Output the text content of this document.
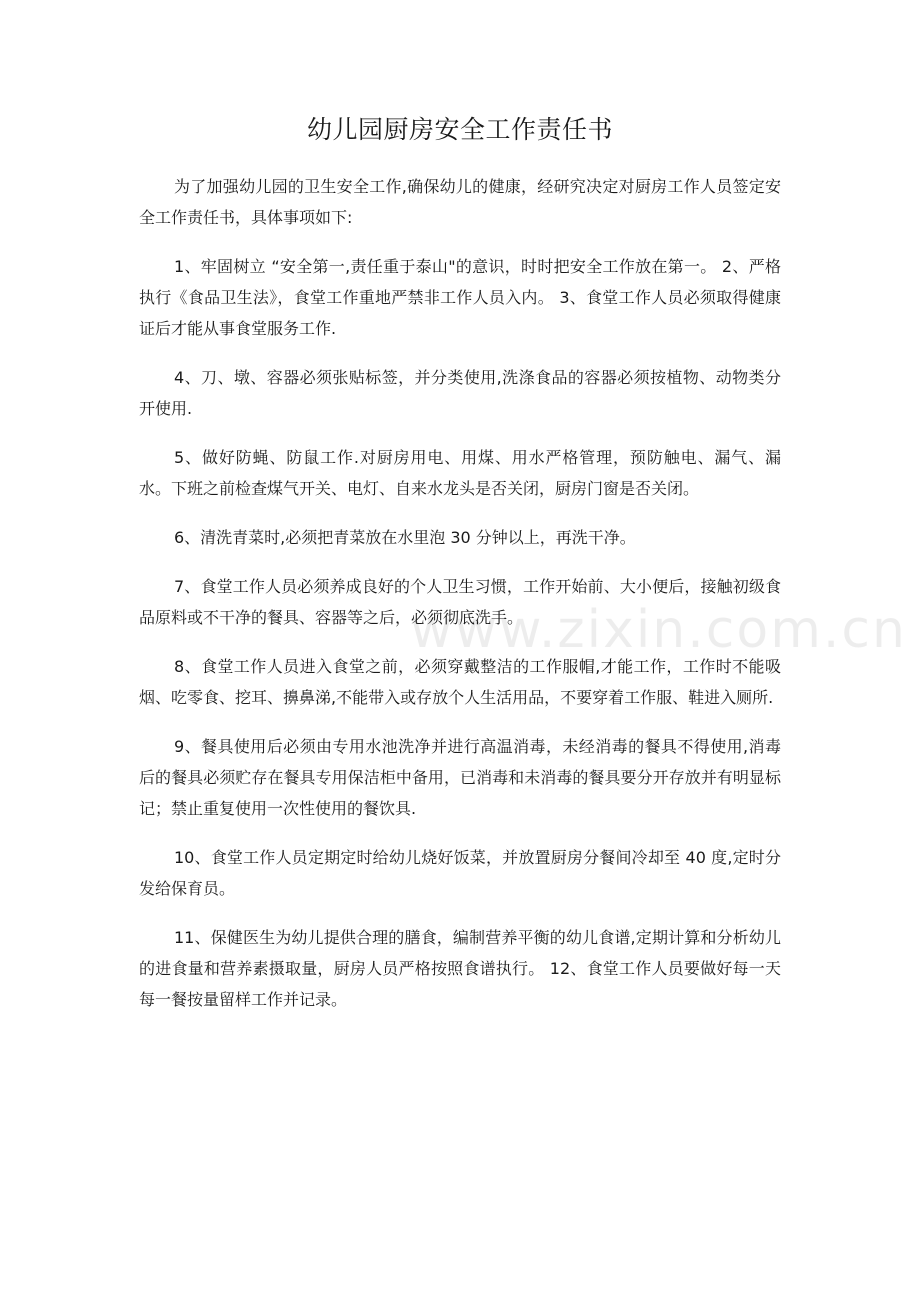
幼儿园厨房安全工作责任书

为了加强幼儿园的卫生安全工作,确保幼儿的健康，经研究决定对厨房工作人员签定安全工作责任书，具体事项如下:

1、牢固树立 “安全第一,责任重于泰山"的意识，时时把安全工作放在第一。 2、严格执行《食品卫生法》，食堂工作重地严禁非工作人员入内。 3、食堂工作人员必须取得健康证后才能从事食堂服务工作.

4、刀、墩、容器必须张贴标签，并分类使用,洗涤食品的容器必须按植物、动物类分开使用.

5、做好防蝇、防鼠工作.对厨房用电、用煤、用水严格管理，预防触电、漏气、漏水。下班之前检查煤气开关、电灯、自来水龙头是否关闭，厨房门窗是否关闭。

6、清洗青菜时,必须把青菜放在水里泡 30 分钟以上，再洗干净。

7、食堂工作人员必须养成良好的个人卫生习惯，工作开始前、大小便后，接触初级食品原料或不干净的餐具、容器等之后，必须彻底洗手。

8、食堂工作人员进入食堂之前，必须穿戴整洁的工作服帽,才能工作，工作时不能吸烟、吃零食、挖耳、擤鼻涕,不能带入或存放个人生活用品，不要穿着工作服、鞋进入厕所.

9、餐具使用后必须由专用水池洗净并进行高温消毒，未经消毒的餐具不得使用,消毒后的餐具必须贮存在餐具专用保洁柜中备用，已消毒和未消毒的餐具要分开存放并有明显标记；禁止重复使用一次性使用的餐饮具.

10、食堂工作人员定期定时给幼儿烧好饭菜，并放置厨房分餐间冷却至 40 度,定时分发给保育员。

11、保健医生为幼儿提供合理的膳食，编制营养平衡的幼儿食谱,定期计算和分析幼儿的进食量和营养素摄取量，厨房人员严格按照食谱执行。 12、食堂工作人员要做好每一天每一餐按量留样工作并记录。

www.zixin.com.cn
